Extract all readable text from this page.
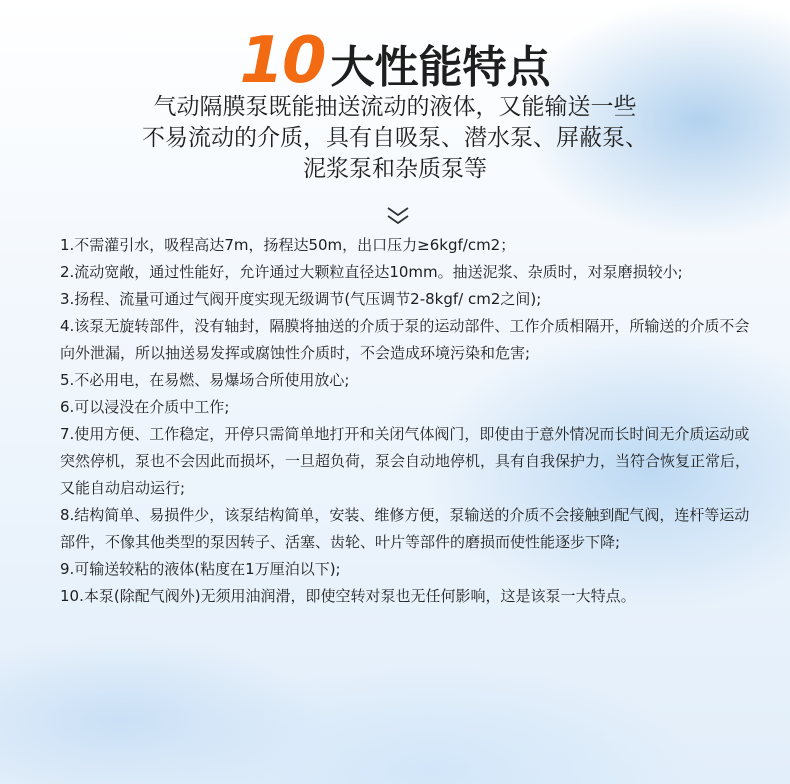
10 大性能特点
气动隔膜泵既能抽送流动的液体，又能输送一些
不易流动的介质，具有自吸泵、潜水泵、屏蔽泵、
泥浆泵和杂质泵等

1.不需灌引水，吸程高达7m，扬程达50m，出口压力≥6kgf/cm2；

2.流动宽敞，通过性能好，允许通过大颗粒直径达10mm。抽送泥浆、杂质时，对泵磨损较小;

3.扬程、流量可通过气阀开度实现无级调节(气压调节2-8kgf/ cm2之间);

4.该泵无旋转部件，没有轴封，隔膜将抽送的介质于泵的运动部件、工作介质相隔开，所输送的介质不会向外泄漏，所以抽送易发挥或腐蚀性介质时，不会造成环境污染和危害;

5.不必用电，在易燃、易爆场合所使用放心;

6.可以浸没在介质中工作;

7.使用方便、工作稳定，开停只需简单地打开和关闭气体阀门，即使由于意外情况而长时间无介质运动或突然停机，泵也不会因此而损坏，一旦超负荷，泵会自动地停机，具有自我保护力，当符合恢复正常后，又能自动启动运行;

8.结构简单、易损件少，该泵结构简单，安装、维修方便，泵输送的介质不会接触到配气阀，连杆等运动部件，不像其他类型的泵因转子、活塞、齿轮、叶片等部件的磨损而使性能逐步下降;

9.可输送较粘的液体(粘度在1万厘泊以下);

10.本泵(除配气阀外)无须用油润滑，即使空转对泵也无任何影响，这是该泵一大特点。
